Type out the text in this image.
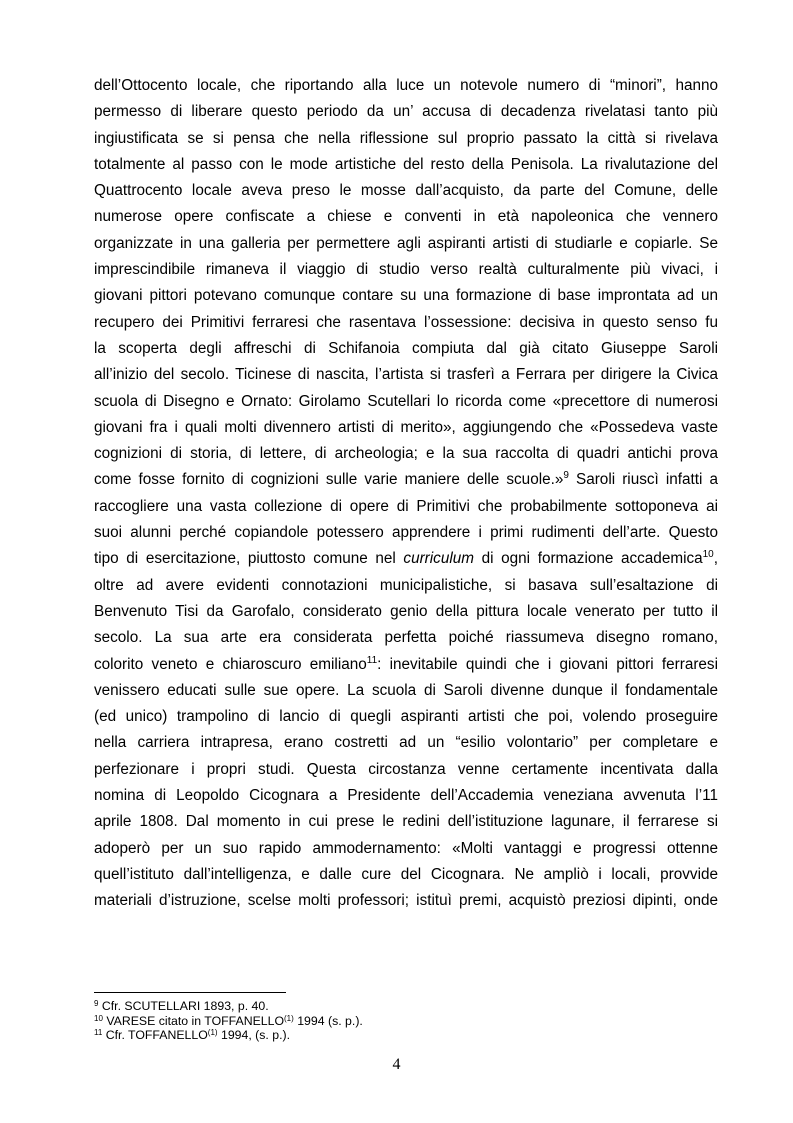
dell’Ottocento locale, che riportando alla luce un notevole numero di “minori”, hanno
permesso di liberare questo periodo da un’ accusa di decadenza rivelatasi tanto più
ingiustificata se si pensa che nella riflessione sul proprio passato la città si rivelava
totalmente al passo con le mode artistiche del resto della Penisola. La rivalutazione del
Quattrocento locale aveva preso le mosse dall’acquisto, da parte del Comune, delle
numerose opere confiscate a chiese e conventi in età napoleonica che vennero
organizzate in una galleria per permettere agli aspiranti artisti di studiarle e copiarle. Se
imprescindibile rimaneva il viaggio di studio verso realtà culturalmente più vivaci, i
giovani pittori potevano comunque contare su una formazione di base improntata ad un
recupero dei Primitivi ferraresi che rasentava l’ossessione: decisiva in questo senso fu
la scoperta degli affreschi di Schifanoia compiuta dal già citato Giuseppe Saroli
all’inizio del secolo. Ticinese di nascita, l’artista si trasferì a Ferrara per dirigere la Civica
scuola di Disegno e Ornato: Girolamo Scutellari lo ricorda come «precettore di numerosi
giovani fra i quali molti divennero artisti di merito», aggiungendo che «Possedeva vaste
cognizioni di storia, di lettere, di archeologia; e la sua raccolta di quadri antichi prova
come fosse fornito di cognizioni sulle varie maniere delle scuole.»$^9$ Saroli riuscì infatti a
raccogliere una vasta collezione di opere di Primitivi che probabilmente sottoponeva ai
suoi alunni perché copiandole potessero apprendere i primi rudimenti dell’arte. Questo
tipo di esercitazione, piuttosto comune nel curriculum di ogni formazione accademica$^{10}$,
oltre ad avere evidenti connotazioni municipalistiche, si basava sull’esaltazione di
Benvenuto Tisi da Garofalo, considerato genio della pittura locale venerato per tutto il
secolo. La sua arte era considerata perfetta poiché riassumeva disegno romano,
colorito veneto e chiaroscuro emiliano$^{11}$: inevitabile quindi che i giovani pittori ferraresi
venissero educati sulle sue opere. La scuola di Saroli divenne dunque il fondamentale
(ed unico) trampolino di lancio di quegli aspiranti artisti che poi, volendo proseguire
nella carriera intrapresa, erano costretti ad un “esilio volontario” per completare e
perfezionare i propri studi. Questa circostanza venne certamente incentivata dalla
nomina di Leopoldo Cicognara a Presidente dell’Accademia veneziana avvenuta l’11
aprile 1808. Dal momento in cui prese le redini dell’istituzione lagunare, il ferrarese si
adoperò per un suo rapido ammodernamento: «Molti vantaggi e progressi ottenne
quell’istituto dall’intelligenza, e dalle cure del Cicognara. Ne ampliò i locali, provvide
materiali d’istruzione, scelse molti professori; istituì premi, acquistò preziosi dipinti, onde
$^9$ Cfr. SCUTELLARI 1893, p. 40.
$^{10}$ VARESE citato in TOFFANELLO$^{(1)}$ 1994 (s. p.).
$^{11}$ Cfr. TOFFANELLO$^{(1)}$ 1994, (s. p.).
4
